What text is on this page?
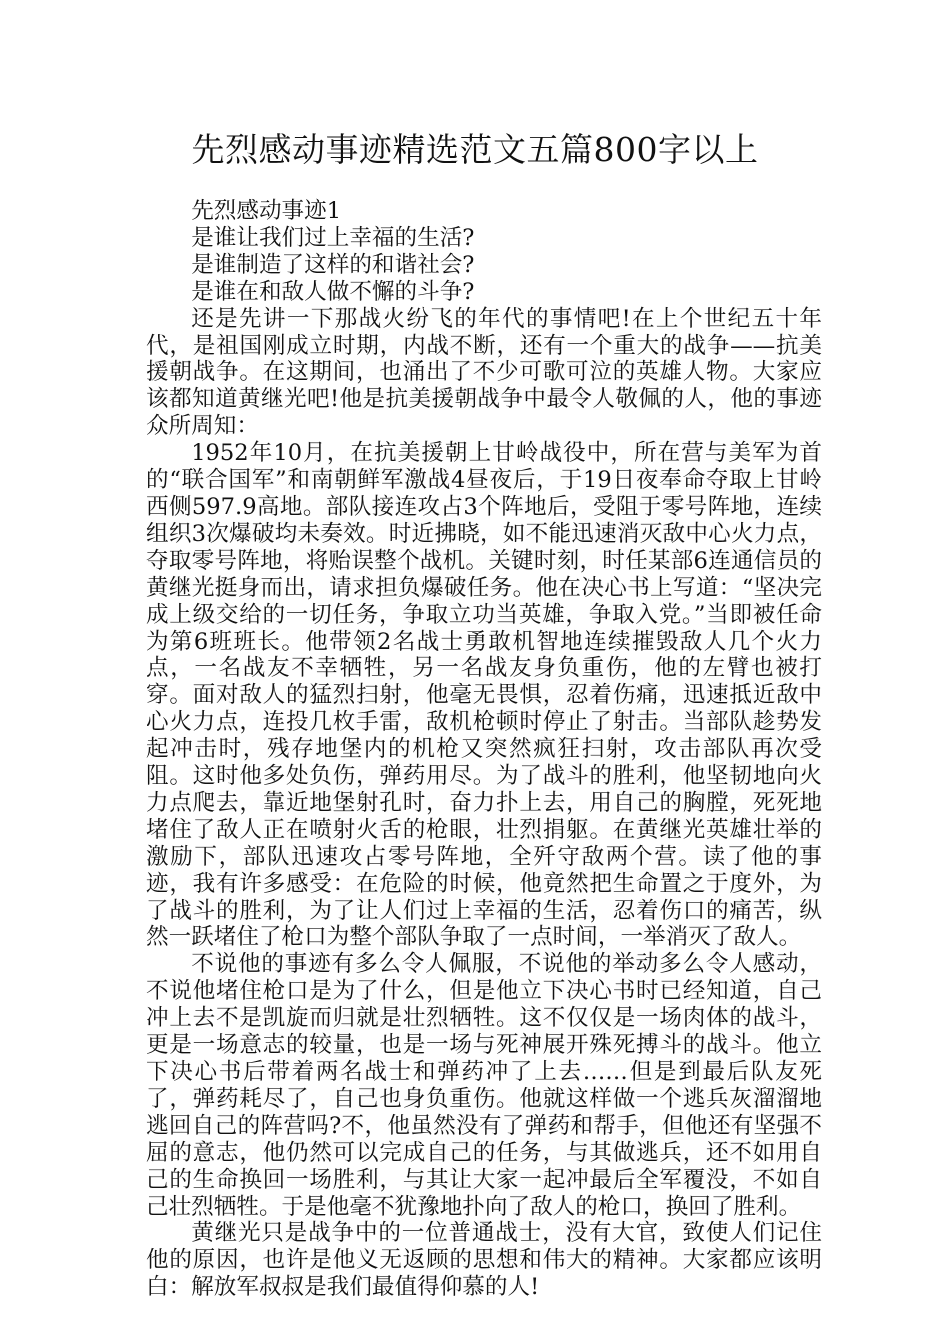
先烈感动事迹精选范文五篇800字以上

先烈感动事迹1

是谁让我们过上幸福的生活?

是谁制造了这样的和谐社会?

是谁在和敌人做不懈的斗争?

还是先讲一下那战火纷飞的年代的事情吧!在上个世纪五十年代，是祖国刚成立时期，内战不断，还有一个重大的战争——抗美援朝战争。在这期间，也涌出了不少可歌可泣的英雄人物。大家应该都知道黄继光吧!他是抗美援朝战争中最令人敬佩的人，他的事迹众所周知：

1952年10月，在抗美援朝上甘岭战役中，所在营与美军为首的“联合国军”和南朝鲜军激战4昼夜后，于19日夜奉命夺取上甘岭西侧597.9高地。部队接连攻占3个阵地后，受阻于零号阵地，连续组织3次爆破均未奏效。时近拂晓，如不能迅速消灭敌中心火力点，夺取零号阵地，将贻误整个战机。关键时刻，时任某部6连通信员的黄继光挺身而出，请求担负爆破任务。他在决心书上写道：“坚决完成上级交给的一切任务，争取立功当英雄，争取入党。”当即被任命为第6班班长。他带领2名战士勇敢机智地连续摧毁敌人几个火力点，一名战友不幸牺牲，另一名战友身负重伤，他的左臂也被打穿。面对敌人的猛烈扫射，他毫无畏惧，忍着伤痛，迅速抵近敌中心火力点，连投几枚手雷，敌机枪顿时停止了射击。当部队趁势发起冲击时，残存地堡内的机枪又突然疯狂扫射，攻击部队再次受阻。这时他多处负伤，弹药用尽。为了战斗的胜利，他坚韧地向火力点爬去，靠近地堡射孔时，奋力扑上去，用自己的胸膛，死死地堵住了敌人正在喷射火舌的枪眼，壮烈捐躯。在黄继光英雄壮举的激励下，部队迅速攻占零号阵地，全歼守敌两个营。读了他的事迹，我有许多感受：在危险的时候，他竟然把生命置之于度外，为了战斗的胜利，为了让人们过上幸福的生活，忍着伤口的痛苦，纵然一跃堵住了枪口为整个部队争取了一点时间，一举消灭了敌人。

不说他的事迹有多么令人佩服，不说他的举动多么令人感动，不说他堵住枪口是为了什么，但是他立下决心书时已经知道，自己冲上去不是凯旋而归就是壮烈牺牲。这不仅仅是一场肉体的战斗，更是一场意志的较量，也是一场与死神展开殊死搏斗的战斗。他立下决心书后带着两名战士和弹药冲了上去……但是到最后队友死了，弹药耗尽了，自己也身负重伤。他就这样做一个逃兵灰溜溜地逃回自己的阵营吗?不，他虽然没有了弹药和帮手，但他还有坚强不屈的意志，他仍然可以完成自己的任务，与其做逃兵，还不如用自己的生命换回一场胜利，与其让大家一起冲最后全军覆没，不如自己壮烈牺牲。于是他毫不犹豫地扑向了敌人的枪口，换回了胜利。

黄继光只是战争中的一位普通战士，没有大官，致使人们记住他的原因，也许是他义无返顾的思想和伟大的精神。大家都应该明白：解放军叔叔是我们最值得仰慕的人!
